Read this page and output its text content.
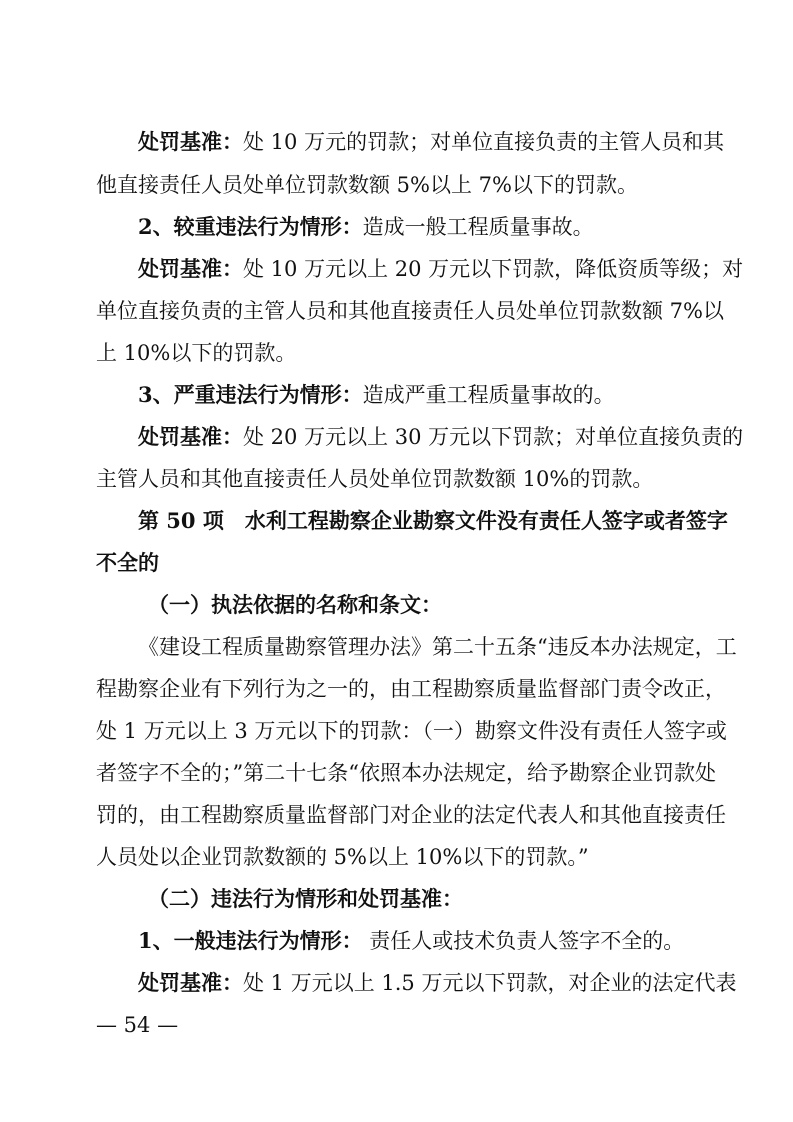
处罚基准：处 10 万元的罚款；对单位直接负责的主管人员和其
他直接责任人员处单位罚款数额 5%以上 7%以下的罚款。
2、较重违法行为情形：造成一般工程质量事故。
处罚基准：处 10 万元以上 20 万元以下罚款，降低资质等级；对
单位直接负责的主管人员和其他直接责任人员处单位罚款数额 7%以
上 10%以下的罚款。
3、严重违法行为情形：造成严重工程质量事故的。
处罚基准：处 20 万元以上 30 万元以下罚款；对单位直接负责的
主管人员和其他直接责任人员处单位罚款数额 10%的罚款。
第 50 项　水利工程勘察企业勘察文件没有责任人签字或者签字
不全的
（一）执法依据的名称和条文：
《建设工程质量勘察管理办法》第二十五条“违反本办法规定，工
程勘察企业有下列行为之一的，由工程勘察质量监督部门责令改正，
处 1 万元以上 3 万元以下的罚款：（一）勘察文件没有责任人签字或
者签字不全的；”第二十七条“依照本办法规定，给予勘察企业罚款处
罚的，由工程勘察质量监督部门对企业的法定代表人和其他直接责任
人员处以企业罚款数额的 5%以上 10%以下的罚款。”
（二）违法行为情形和处罚基准：
1、一般违法行为情形： 责任人或技术负责人签字不全的。
处罚基准：处 1 万元以上 1.5 万元以下罚款，对企业的法定代表
— 54 —
